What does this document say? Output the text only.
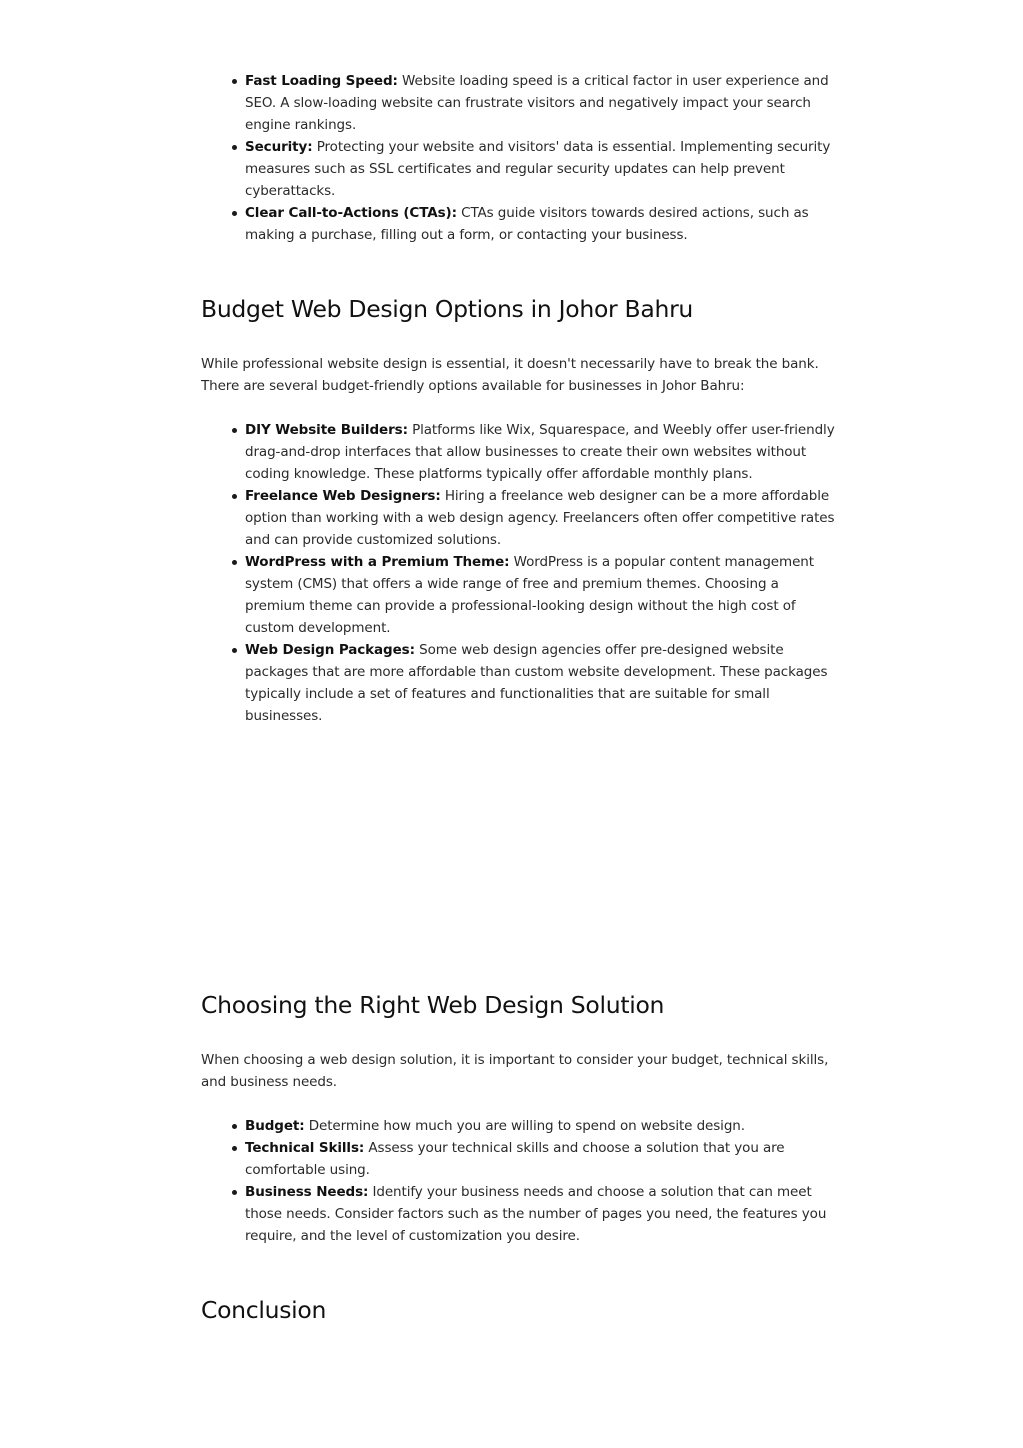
Fast Loading Speed: Website loading speed is a critical factor in user experience and SEO. A slow-loading website can frustrate visitors and negatively impact your search engine rankings.
Security: Protecting your website and visitors' data is essential. Implementing security measures such as SSL certificates and regular security updates can help prevent cyberattacks.
Clear Call-to-Actions (CTAs): CTAs guide visitors towards desired actions, such as making a purchase, filling out a form, or contacting your business.
Budget Web Design Options in Johor Bahru

While professional website design is essential, it doesn't necessarily have to break the bank. There are several budget-friendly options available for businesses in Johor Bahru:

DIY Website Builders: Platforms like Wix, Squarespace, and Weebly offer user-friendly drag-and-drop interfaces that allow businesses to create their own websites without coding knowledge. These platforms typically offer affordable monthly plans.
Freelance Web Designers: Hiring a freelance web designer can be a more affordable option than working with a web design agency. Freelancers often offer competitive rates and can provide customized solutions.
WordPress with a Premium Theme: WordPress is a popular content management system (CMS) that offers a wide range of free and premium themes. Choosing a premium theme can provide a professional-looking design without the high cost of custom development.
Web Design Packages: Some web design agencies offer pre-designed website packages that are more affordable than custom website development. These packages typically include a set of features and functionalities that are suitable for small businesses.
Choosing the Right Web Design Solution

When choosing a web design solution, it is important to consider your budget, technical skills, and business needs.

Budget: Determine how much you are willing to spend on website design.
Technical Skills: Assess your technical skills and choose a solution that you are comfortable using.
Business Needs: Identify your business needs and choose a solution that can meet those needs. Consider factors such as the number of pages you need, the features you require, and the level of customization you desire.
Conclusion
